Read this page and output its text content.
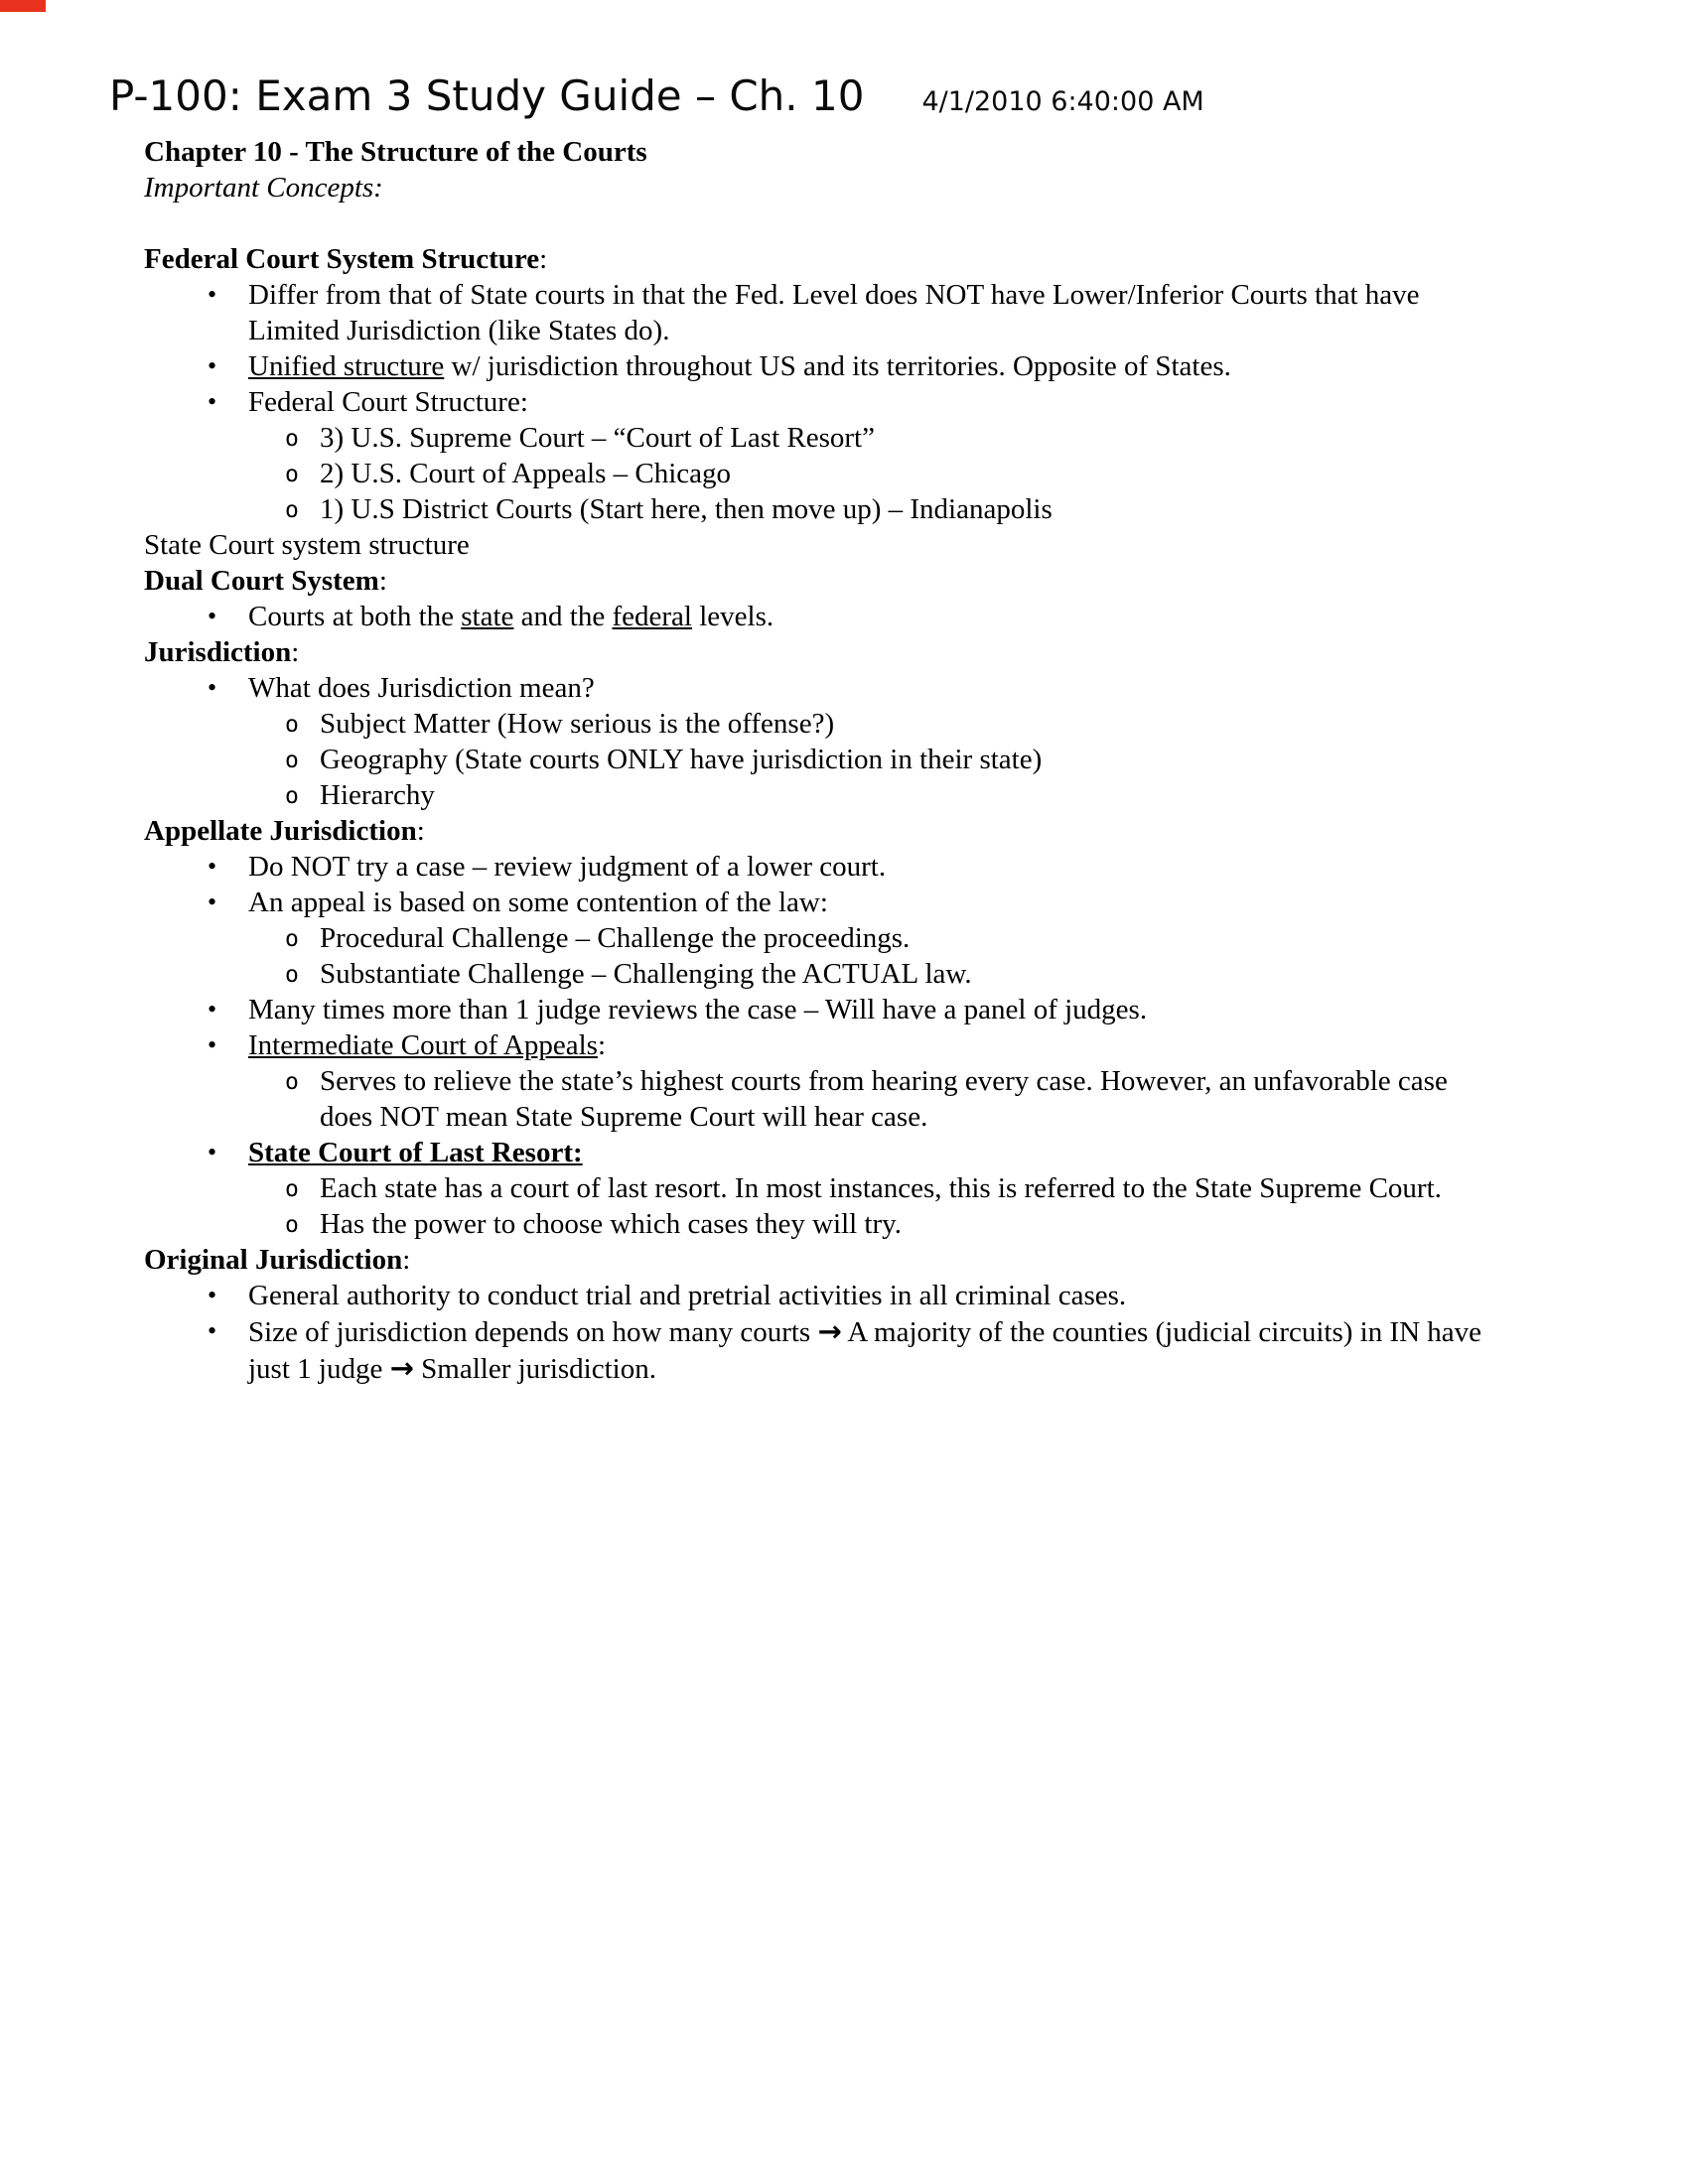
P-100: Exam 3 Study Guide – Ch. 10 4/1/2010 6:40:00 AM
Chapter 10 - The Structure of the Courts
Important Concepts:
Federal Court System Structure:
• Differ from that of State courts in that the Fed. Level does NOT have Lower/Inferior Courts that have Limited Jurisdiction (like States do).
• Unified structure w/ jurisdiction throughout US and its territories. Opposite of States.
• Federal Court Structure:
o 3) U.S. Supreme Court – “Court of Last Resort”
o 2) U.S. Court of Appeals – Chicago
o 1) U.S District Courts (Start here, then move up) – Indianapolis
State Court system structure
Dual Court System:
• Courts at both the state and the federal levels.
Jurisdiction:
• What does Jurisdiction mean?
o Subject Matter (How serious is the offense?)
o Geography (State courts ONLY have jurisdiction in their state)
o Hierarchy
Appellate Jurisdiction:
• Do NOT try a case – review judgment of a lower court.
• An appeal is based on some contention of the law:
o Procedural Challenge – Challenge the proceedings.
o Substantiate Challenge – Challenging the ACTUAL law.
• Many times more than 1 judge reviews the case – Will have a panel of judges.
• Intermediate Court of Appeals:
o Serves to relieve the state’s highest courts from hearing every case. However, an unfavorable case does NOT mean State Supreme Court will hear case.
• State Court of Last Resort:
o Each state has a court of last resort. In most instances, this is referred to the State Supreme Court.
o Has the power to choose which cases they will try.
Original Jurisdiction:
• General authority to conduct trial and pretrial activities in all criminal cases.
• Size of jurisdiction depends on how many courts → A majority of the counties (judicial circuits) in IN have just 1 judge → Smaller jurisdiction.
